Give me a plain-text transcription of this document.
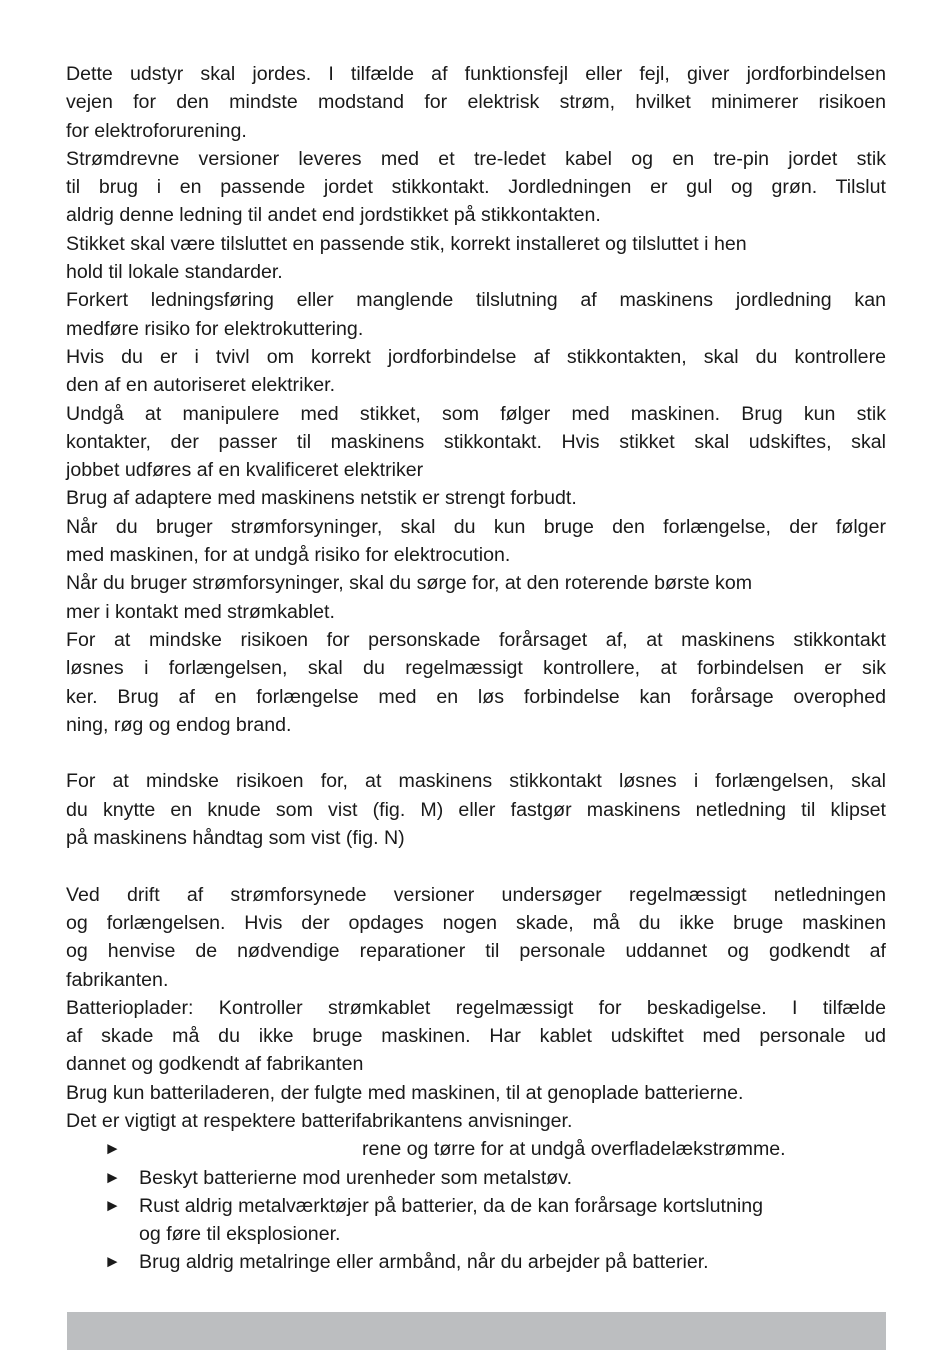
Dette udstyr skal jordes. I tilfælde af funktionsfejl eller fejl, giver jordforbindelsen
vejen for den mindste modstand for elektrisk strøm, hvilket minimerer risikoen
for elektroforurening.
Strømdrevne versioner leveres med et tre-ledet kabel og en tre-pin jordet stik
til brug i en passende jordet stikkontakt. Jordledningen er gul og grøn. Tilslut
aldrig denne ledning til andet end jordstikket på stikkontakten.
Stikket skal være tilsluttet en passende stik, korrekt installeret og tilsluttet i hen
hold til lokale standarder.
Forkert ledningsføring eller manglende tilslutning af maskinens jordledning kan
medføre risiko for elektrokuttering.
Hvis du er i tvivl om korrekt jordforbindelse af stikkontakten, skal du kontrollere
den af en autoriseret elektriker.
Undgå at manipulere med stikket, som følger med maskinen. Brug kun stik
kontakter, der passer til maskinens stikkontakt. Hvis stikket skal udskiftes, skal
jobbet udføres af en kvalificeret elektriker
Brug af adaptere med maskinens netstik er strengt forbudt.
Når du bruger strømforsyninger, skal du kun bruge den forlængelse, der følger
med maskinen, for at undgå risiko for elektrocution.
Når du bruger strømforsyninger, skal du sørge for, at den roterende børste kom
mer i kontakt med strømkablet.
For at mindske risikoen for personskade forårsaget af, at maskinens stikkontakt
løsnes i forlængelsen, skal du regelmæssigt kontrollere, at forbindelsen er sik
ker. Brug af en forlængelse med en løs forbindelse kan forårsage overophed
ning, røg og endog brand.
For at mindske risikoen for, at maskinens stikkontakt løsnes i forlængelsen, skal
du knytte en knude som vist (fig. M) eller fastgør maskinens netledning til klipset
på maskinens håndtag som vist (fig. N)
Ved drift af strømforsynede versioner undersøger regelmæssigt netledningen
og forlængelsen. Hvis der opdages nogen skade, må du ikke bruge maskinen
og henvise de nødvendige reparationer til personale uddannet og godkendt af
fabrikanten.
Batterioplader: Kontroller strømkablet regelmæssigt for beskadigelse. I tilfælde
af skade må du ikke bruge maskinen. Har kablet udskiftet med personale ud
dannet og godkendt af fabrikanten
Brug kun batteriladeren, der fulgte med maskinen, til at genoplade batterierne.
Det er vigtigt at respektere batterifabrikantens anvisninger.
►	rene og tørre for at undgå overfladelækstrømme.
► Beskyt batterierne mod urenheder som metalstøv.
► Rust aldrig metalværktøjer på batterier, da de kan forårsage kortslutning
og føre til eksplosioner.
► Brug aldrig metalringe eller armbånd, når du arbejder på batterier.
